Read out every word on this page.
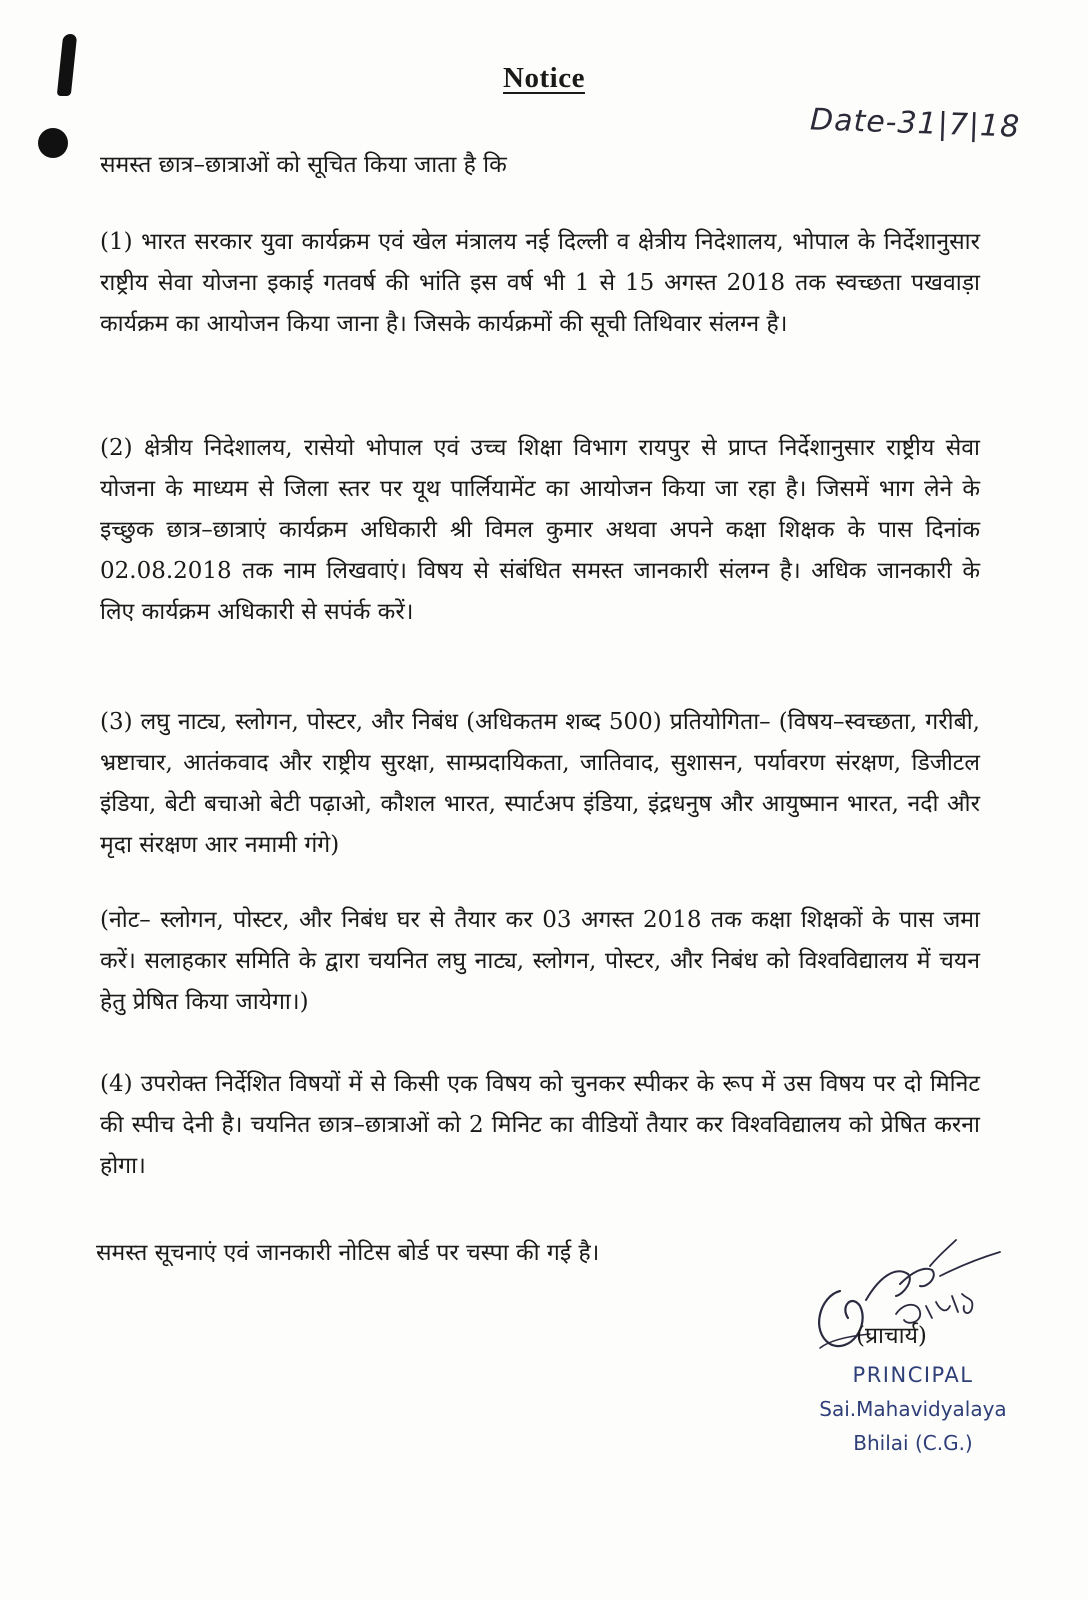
Notice
Date-31|7|18

समस्त छात्र–छात्राओं को सूचित किया जाता है कि

(1) भारत सरकार युवा कार्यक्रम एवं खेल मंत्रालय नई दिल्ली व क्षेत्रीय निदेशालय, भोपाल के निर्देशानुसार राष्ट्रीय सेवा योजना इकाई गतवर्ष की भांति इस वर्ष भी 1 से 15 अगस्त 2018 तक स्वच्छता पखवाड़ा कार्यक्रम का आयोजन किया जाना है। जिसके कार्यक्रमों की सूची तिथिवार संलग्न है।

(2) क्षेत्रीय निदेशालय, रासेयो भोपाल एवं उच्च शिक्षा विभाग रायपुर से प्राप्त निर्देशानुसार राष्ट्रीय सेवा योजना के माध्यम से जिला स्तर पर यूथ पार्लियामेंट का आयोजन किया जा रहा है। जिसमें भाग लेने के इच्छुक छात्र–छात्राएं कार्यक्रम अधिकारी श्री विमल कुमार अथवा अपने कक्षा शिक्षक के पास दिनांक 02.08.2018 तक नाम लिखवाएं। विषय से संबंधित समस्त जानकारी संलग्न है। अधिक जानकारी के लिए कार्यक्रम अधिकारी से सपंर्क करें।

(3) लघु नाट्य, स्लोगन, पोस्टर, और निबंध (अधिकतम शब्द 500) प्रतियोगिता– (विषय–स्वच्छता, गरीबी, भ्रष्टाचार, आतंकवाद और राष्ट्रीय सुरक्षा, साम्प्रदायिकता, जातिवाद, सुशासन, पर्यावरण संरक्षण, डिजीटल इंडिया, बेटी बचाओ बेटी पढ़ाओ, कौशल भारत, स्पार्टअप इंडिया, इंद्रधनुष और आयुष्मान भारत, नदी और मृदा संरक्षण आर नमामी गंगे)

(नोट– स्लोगन, पोस्टर, और निबंध घर से तैयार कर 03 अगस्त 2018 तक कक्षा शिक्षकों के पास जमा करें। सलाहकार समिति के द्वारा चयनित लघु नाट्य, स्लोगन, पोस्टर, और निबंध को विश्वविद्यालय में चयन हेतु प्रेषित किया जायेगा।)

(4) उपरोक्त निर्देशित विषयों में से किसी एक विषय को चुनकर स्पीकर के रूप में उस विषय पर दो मिनिट की स्पीच देनी है। चयनित छात्र–छात्राओं को 2 मिनिट का वीडियों तैयार कर विश्वविद्यालय को प्रेषित करना होगा।

समस्त सूचनाएं एवं जानकारी नोटिस बोर्ड पर चस्पा की गई है।

(प्राचार्य)

PRINCIPAL
Sai.Mahavidyalaya
Bhilai (C.G.)
